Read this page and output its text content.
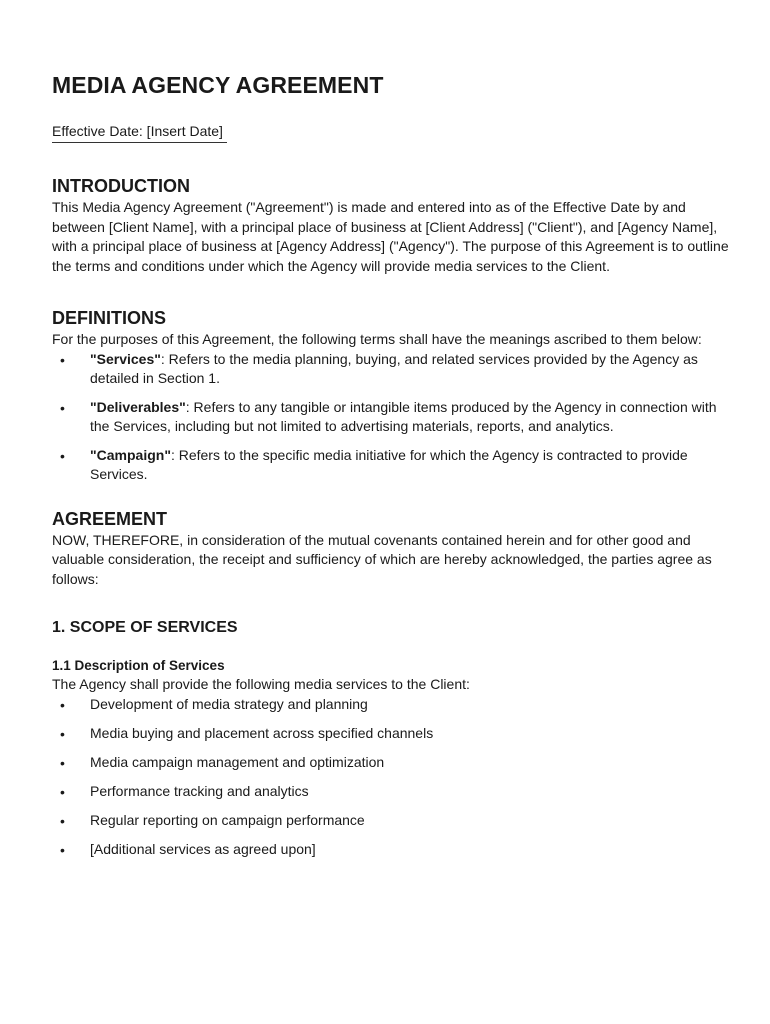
MEDIA AGENCY AGREEMENT
Effective Date: [Insert Date]
INTRODUCTION

This Media Agency Agreement ("Agreement") is made and entered into as of the Effective Date by and between [Client Name], with a principal place of business at [Client Address] ("Client"), and [Agency Name], with a principal place of business at [Agency Address] ("Agency"). The purpose of this Agreement is to outline the terms and conditions under which the Agency will provide media services to the Client.

DEFINITIONS

For the purposes of this Agreement, the following terms shall have the meanings ascribed to them below:

• "Services": Refers to the media planning, buying, and related services provided by the Agency as detailed in Section 1.
• "Deliverables": Refers to any tangible or intangible items produced by the Agency in connection with the Services, including but not limited to advertising materials, reports, and analytics.
• "Campaign": Refers to the specific media initiative for which the Agency is contracted to provide Services.
AGREEMENT

NOW, THEREFORE, in consideration of the mutual covenants contained herein and for other good and valuable consideration, the receipt and sufficiency of which are hereby acknowledged, the parties agree as follows:

1. SCOPE OF SERVICES
1.1 Description of Services

The Agency shall provide the following media services to the Client:

• Development of media strategy and planning
• Media buying and placement across specified channels
• Media campaign management and optimization
• Performance tracking and analytics
• Regular reporting on campaign performance
• [Additional services as agreed upon]
